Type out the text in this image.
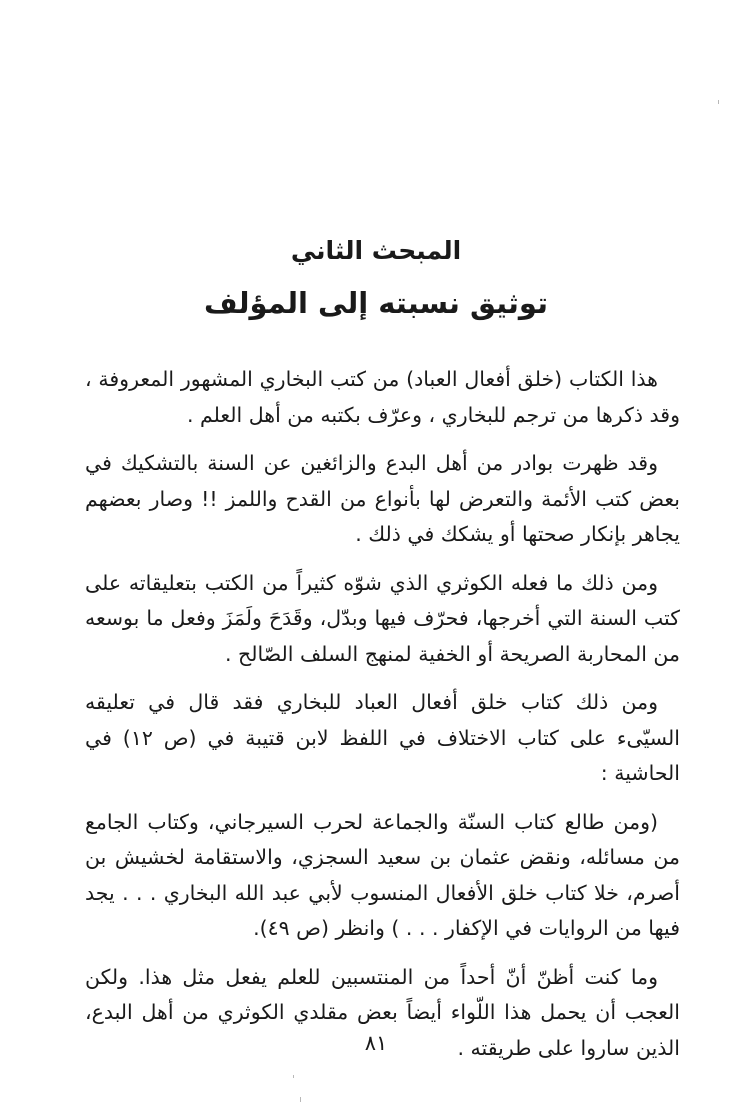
المبحث الثاني
توثيق نسبته إلى المؤلف

هذا الكتاب (خلق أفعال العباد) من كتب البخاري المشهور المعروفة ، وقد ذكرها من ترجم للبخاري ، وعرّف بكتبه من أهل العلم .

وقد ظهرت بوادر من أهل البدع والزائغين عن السنة بالتشكيك في بعض كتب الأئمة والتعرض لها بأنواع من القدح واللمز !! وصار بعضهم يجاهر بإنكار صحتها أو يشكك في ذلك .

ومن ذلك ما فعله الكوثري الذي شوّه كثيراً من الكتب بتعليقاته على كتب السنة التي أخرجها، فحرّف فيها وبدّل، وقَدَحَ ولَمَزَ وفعل ما بوسعه من المحاربة الصريحة أو الخفية لمنهج السلف الصّالح .

ومن ذلك كتاب خلق أفعال العباد للبخاري فقد قال في تعليقه السيّىء على كتاب الاختلاف في اللفظ لابن قتيبة في (ص ١٢) في الحاشية :

(ومن طالع كتاب السنّة والجماعة لحرب السيرجاني، وكتاب الجامع من مسائله، ونقض عثمان بن سعيد السجزي، والاستقامة لخشيش بن أصرم، خلا كتاب خلق الأفعال المنسوب لأبي عبد الله البخاري . . . يجد فيها من الروايات في الإكفار . . . ) وانظر (ص ٤٩).

وما كنت أظنّ أنّ أحداً من المنتسبين للعلم يفعل مثل هذا. ولكن العجب أن يحمل هذا اللّواء أيضاً بعض مقلدي الكوثري من أهل البدع، الذين ساروا على طريقته .

٨١
